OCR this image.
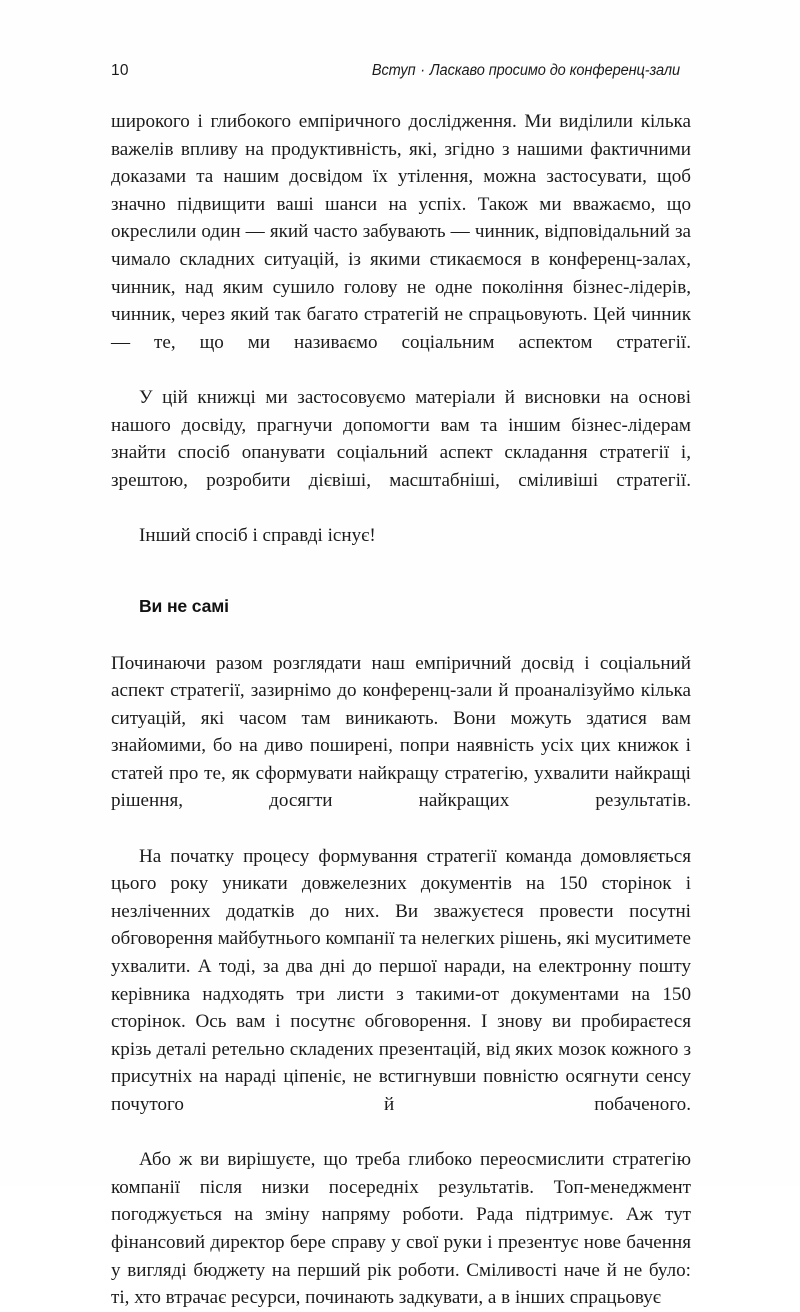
10	Вступ · Ласкаво просимо до конференц-зали

широкого і глибокого емпіричного дослідження. Ми виділили кілька важелів впливу на продуктивність, які, згідно з нашими фактичними доказами та нашим досвідом їх утілення, можна застосувати, щоб значно підвищити ваші шанси на успіх. Також ми вважаємо, що окреслили один — який часто забувають — чинник, відповідальний за чимало складних ситуацій, із якими стикаємося в конференц-залах, чинник, над яким сушило голову не одне покоління бізнес-лідерів, чинник, через який так багато стратегій не спрацьовують. Цей чинник — те, що ми називаємо соціальним аспектом стратегії.

У цій книжці ми застосовуємо матеріали й висновки на основі нашого досвіду, прагнучи допомогти вам та іншим бізнес-лідерам знайти спосіб опанувати соціальний аспект складання стратегії і, зрештою, розробити дієвіші, масштабніші, сміливіші стратегії.

Інший спосіб і справді існує!

Ви не самі

Починаючи разом розглядати наш емпіричний досвід і соціальний аспект стратегії, зазирнімо до конференц-зали й проаналізуймо кілька ситуацій, які часом там виникають. Вони можуть здатися вам знайомими, бо на диво поширені, попри наявність усіх цих книжок і статей про те, як сформувати найкращу стратегію, ухвалити найкращі рішення, досягти найкращих результатів.

На початку процесу формування стратегії команда домовляється цього року уникати довжелезних документів на 150 сторінок і незліченних додатків до них. Ви зважуєтеся провести посутні обговорення майбутнього компанії та нелегких рішень, які муситимете ухвалити. А тоді, за два дні до першої наради, на електронну пошту керівника надходять три листи з такими-от документами на 150 сторінок. Ось вам і посутнє обговорення. І знову ви пробираєтеся крізь деталі ретельно складених презентацій, від яких мозок кожного з присутніх на нараді ціпеніє, не встигнувши повністю осягнути сенсу почутого й побаченого.

Або ж ви вирішуєте, що треба глибоко переосмислити стратегію компанії після низки посередніх результатів. Топ-менеджмент погоджується на зміну напряму роботи. Рада підтримує. Аж тут фінансовий директор бере справу у свої руки і презентує нове бачення у вигляді бюджету на перший рік роботи. Сміливості наче й не було: ті, хто втрачає ресурси, починають задкувати, а в інших спрацьовує
